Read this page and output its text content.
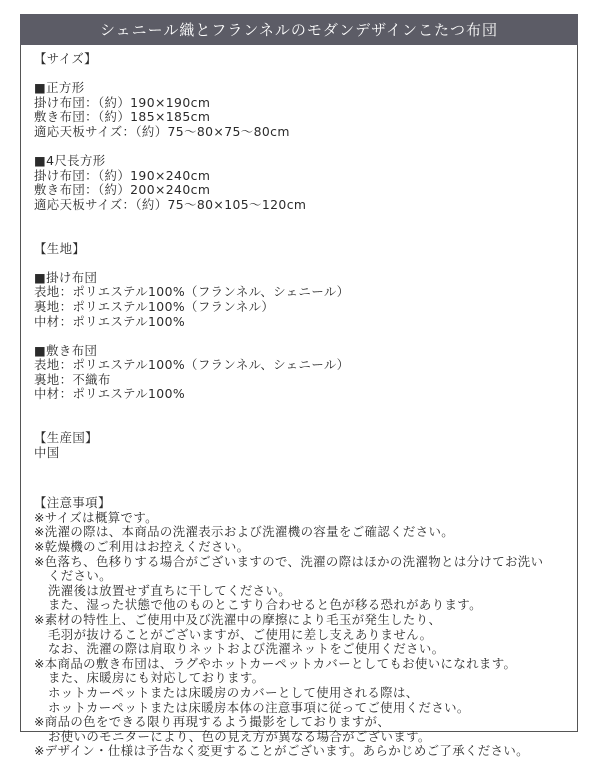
シェニール織とフランネルのモダンデザインこたつ布団
【サイズ】
■正方形
掛け布団：（約）190×190cm
敷き布団：（約）185×185cm
適応天板サイズ：（約）75～80×75～80cm
■4尺長方形
掛け布団：（約）190×240cm
敷き布団：（約）200×240cm
適応天板サイズ：（約）75～80×105～120cm
【生地】
■掛け布団
表地：ポリエステル100%（フランネル、シェニール）
裏地：ポリエステル100%（フランネル）
中材：ポリエステル100%
■敷き布団
表地：ポリエステル100%（フランネル、シェニール）
裏地：不織布
中材：ポリエステル100%
【生産国】
中国
【注意事項】
※サイズは概算です。
※洗濯の際は、本商品の洗濯表示および洗濯機の容量をご確認ください。
※乾燥機のご利用はお控えください。
※色落ち、色移りする場合がございますので、洗濯の際はほかの洗濯物とは分けてお洗い
ください。
洗濯後は放置せず直ちに干してください。
また、湿った状態で他のものとこすり合わせると色が移る恐れがあります。
※素材の特性上、ご使用中及び洗濯中の摩擦により毛玉が発生したり、
毛羽が抜けることがございますが、ご使用に差し支えありません。
なお、洗濯の際は肩取りネットおよび洗濯ネットをご使用ください。
※本商品の敷き布団は、ラグやホットカーペットカバーとしてもお使いになれます。
また、床暖房にも対応しております。
ホットカーペットまたは床暖房のカバーとして使用される際は、
ホットカーペットまたは床暖房本体の注意事項に従ってご使用ください。
※商品の色をできる限り再現するよう撮影をしておりますが、
お使いのモニターにより、色の見え方が異なる場合がございます。
※デザイン・仕様は予告なく変更することがございます。あらかじめご了承ください。
